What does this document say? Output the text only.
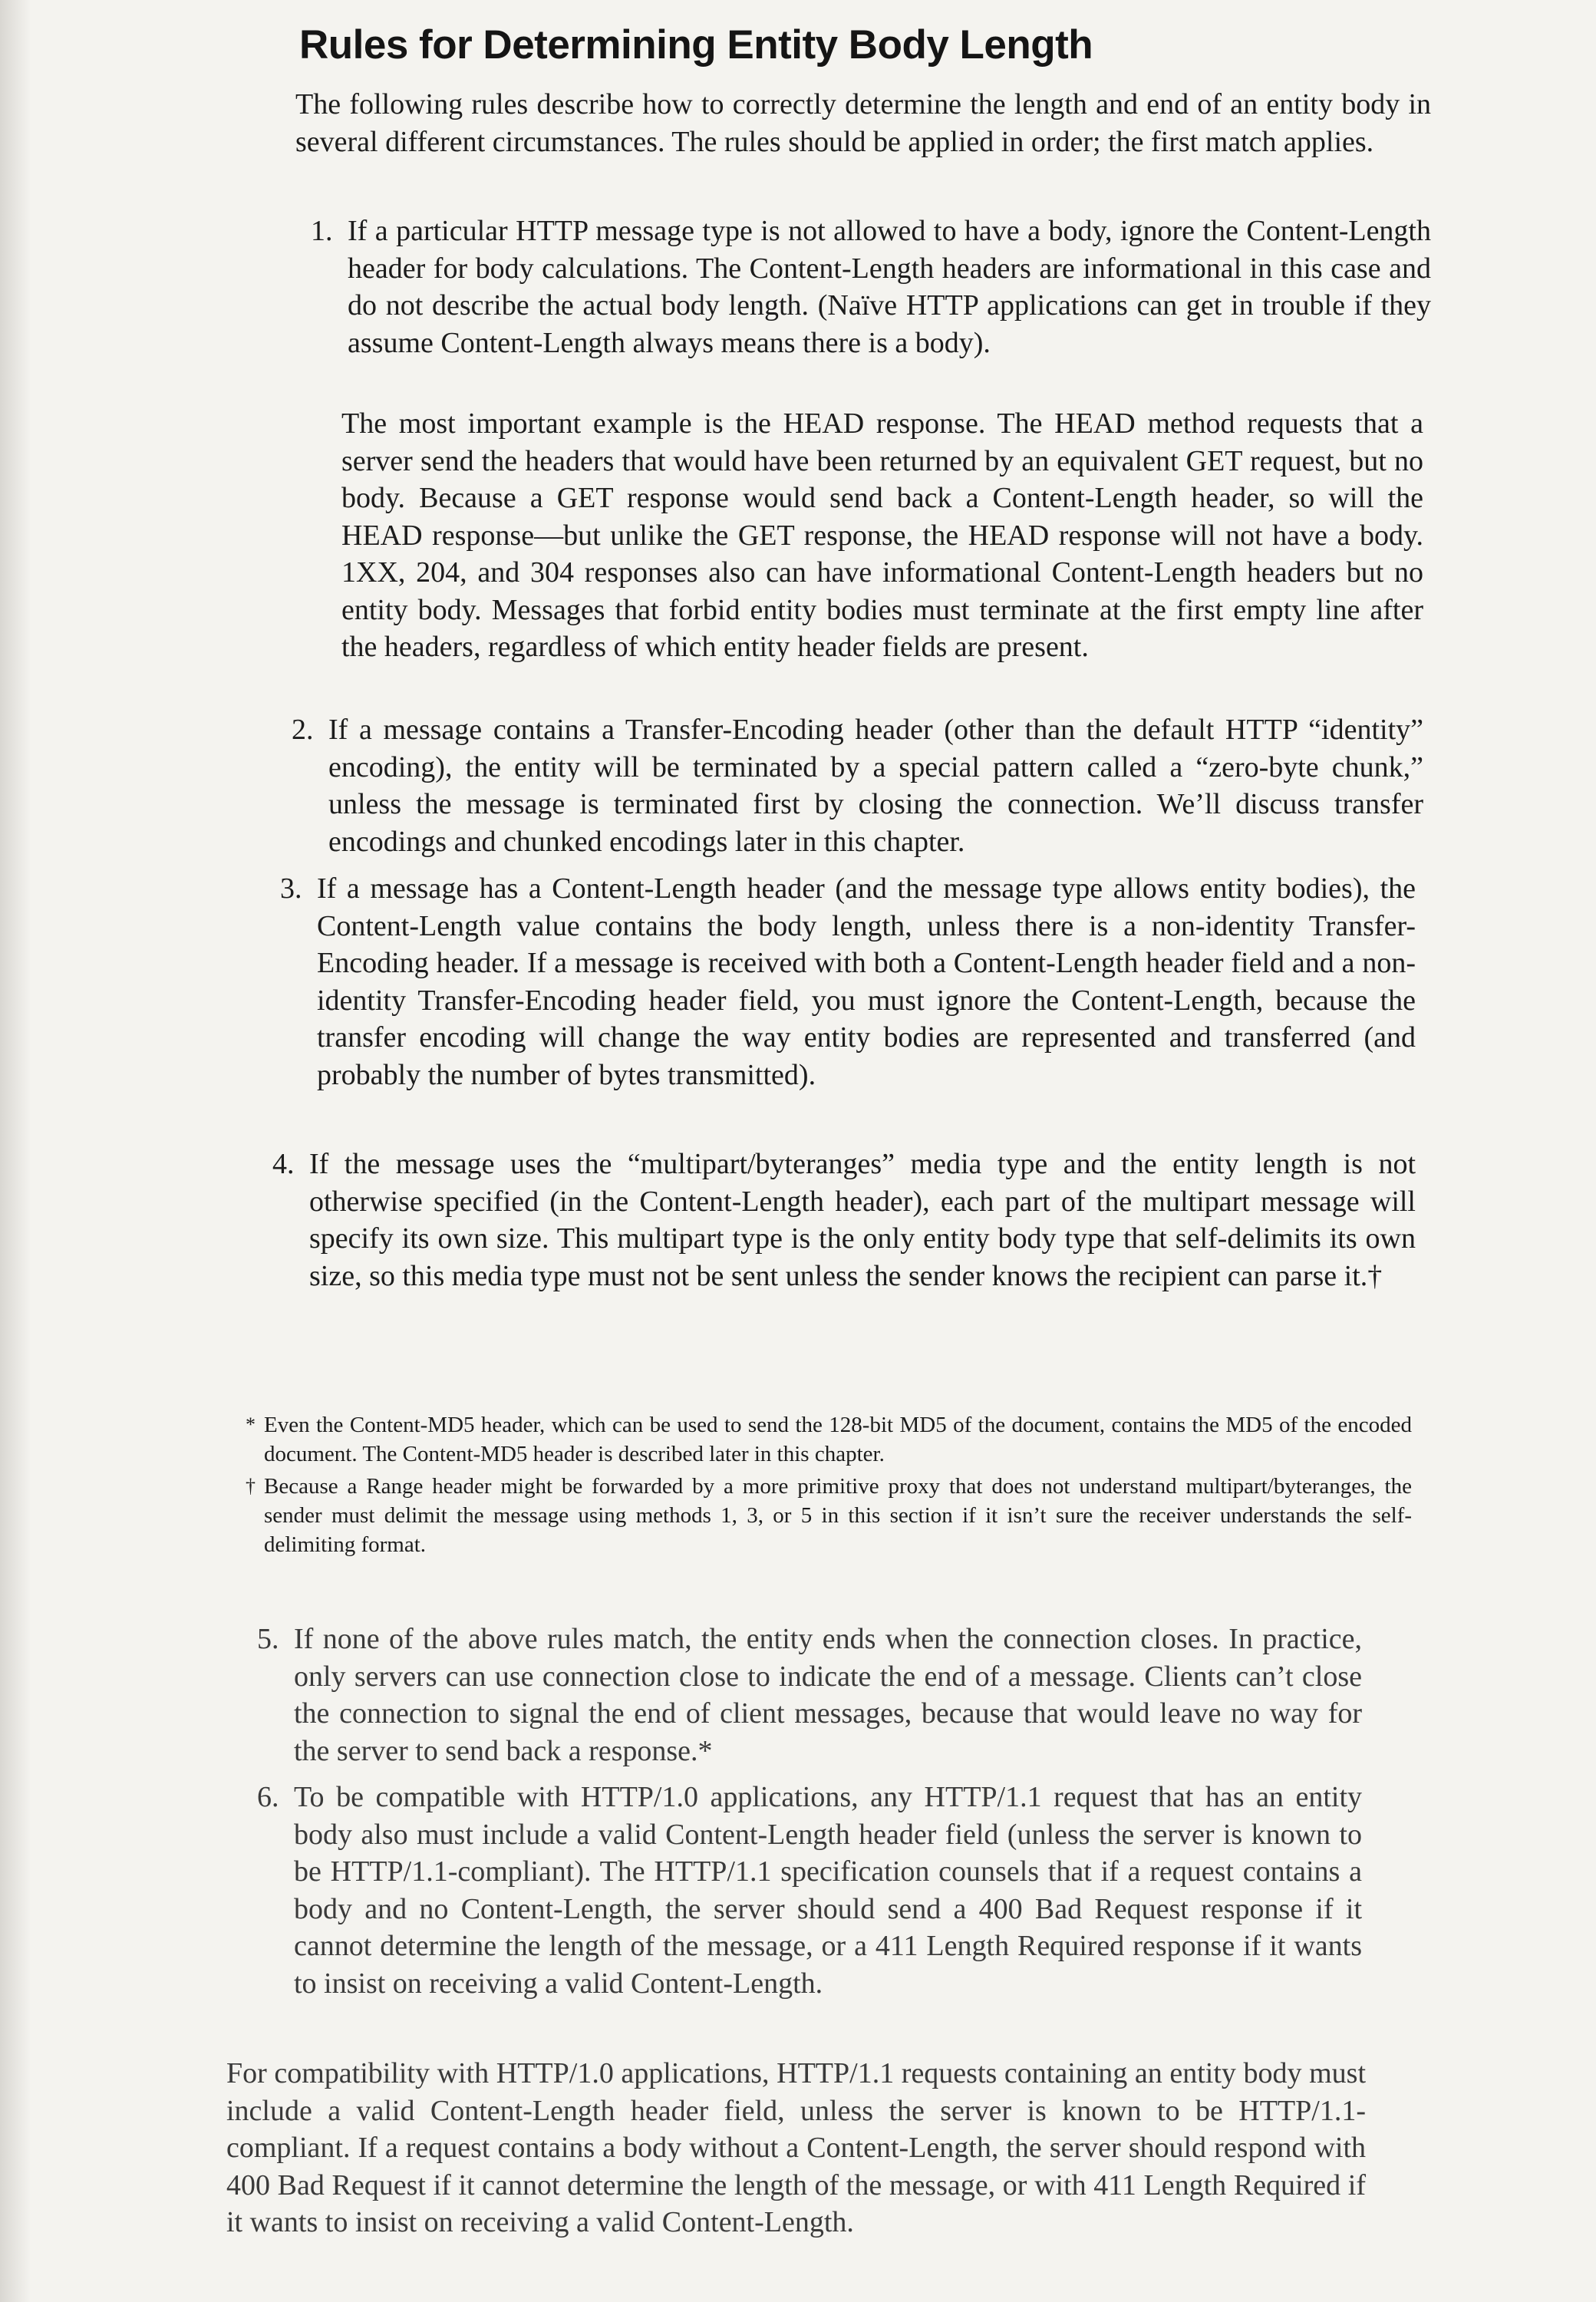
Rules for Determining Entity Body Length

The following rules describe how to correctly determine the length and end of an entity body in several different circumstances. The rules should be applied in order; the first match applies.

1. If a particular HTTP message type is not allowed to have a body, ignore the Content-Length header for body calculations. The Content-Length headers are informational in this case and do not describe the actual body length. (Naïve HTTP applications can get in trouble if they assume Content-Length always means there is a body).

The most important example is the HEAD response. The HEAD method requests that a server send the headers that would have been returned by an equivalent GET request, but no body. Because a GET response would send back a Content-Length header, so will the HEAD response—but unlike the GET response, the HEAD response will not have a body. 1XX, 204, and 304 responses also can have informational Content-Length headers but no entity body. Messages that forbid entity bodies must terminate at the first empty line after the headers, regardless of which entity header fields are present.

2. If a message contains a Transfer-Encoding header (other than the default HTTP “identity” encoding), the entity will be terminated by a special pattern called a “zero-byte chunk,” unless the message is terminated first by closing the connection. We’ll discuss transfer encodings and chunked encodings later in this chapter.
3. If a message has a Content-Length header (and the message type allows entity bodies), the Content-Length value contains the body length, unless there is a non-identity Transfer-Encoding header. If a message is received with both a Content-Length header field and a non-identity Transfer-Encoding header field, you must ignore the Content-Length, because the transfer encoding will change the way entity bodies are represented and transferred (and probably the number of bytes transmitted).
4. If the message uses the “multipart/byteranges” media type and the entity length is not otherwise specified (in the Content-Length header), each part of the multipart message will specify its own size. This multipart type is the only entity body type that self-delimits its own size, so this media type must not be sent unless the sender knows the recipient can parse it.†
* Even the Content-MD5 header, which can be used to send the 128-bit MD5 of the document, contains the MD5 of the encoded document. The Content-MD5 header is described later in this chapter.
† Because a Range header might be forwarded by a more primitive proxy that does not understand multipart/byteranges, the sender must delimit the message using methods 1, 3, or 5 in this section if it isn’t sure the receiver understands the self- delimiting format.
5. If none of the above rules match, the entity ends when the connection closes. In practice, only servers can use connection close to indicate the end of a message. Clients can’t close the connection to signal the end of client messages, because that would leave no way for the server to send back a response.*
6. To be compatible with HTTP/1.0 applications, any HTTP/1.1 request that has an entity body also must include a valid Content-Length header field (unless the server is known to be HTTP/1.1-compliant). The HTTP/1.1 specification counsels that if a request contains a body and no Content-Length, the server should send a 400 Bad Request response if it cannot determine the length of the message, or a 411 Length Required response if it wants to insist on receiving a valid Content-Length.

For compatibility with HTTP/1.0 applications, HTTP/1.1 requests containing an entity body must include a valid Content-Length header field, unless the server is known to be HTTP/1.1-compliant. If a request contains a body without a Content-Length, the server should respond with 400 Bad Request if it cannot determine the length of the message, or with 411 Length Required if it wants to insist on receiving a valid Content-Length.
